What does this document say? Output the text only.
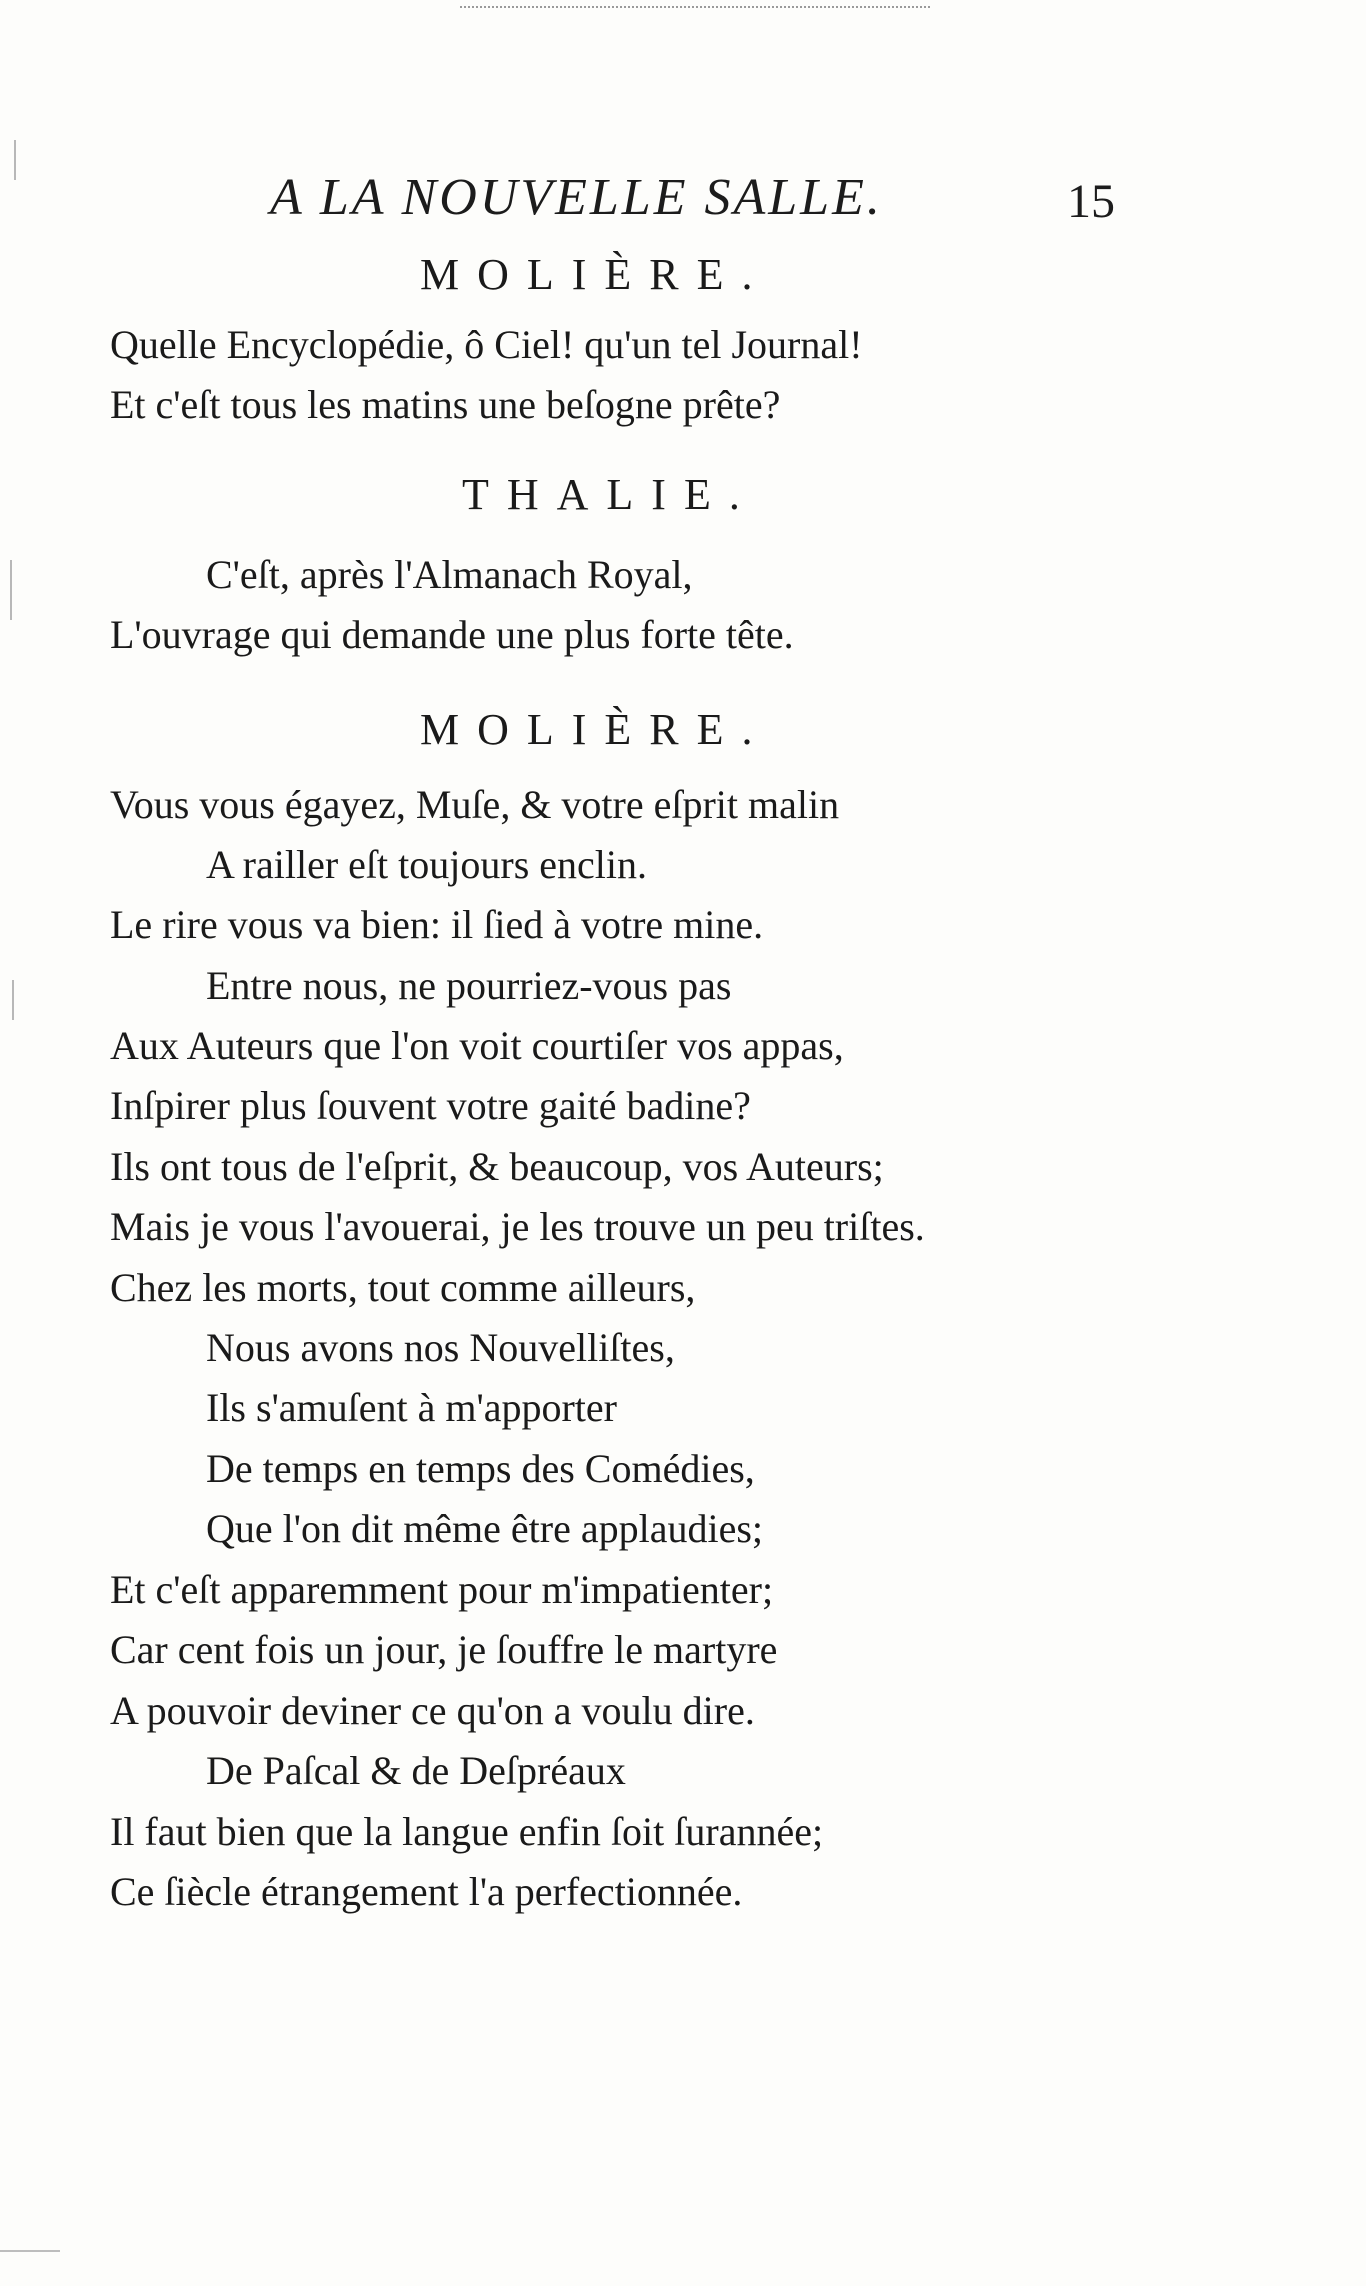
A LA NOUVELLE SALLE.	15
MOLIÈRE.
Quelle Encyclopédie, ô Ciel! qu'un tel Journal!
Et c'eſt tous les matins une beſogne prête?
THALIE.
C'eſt, après l'Almanach Royal,
L'ouvrage qui demande une plus forte tête.
MOLIÈRE.
Vous vous égayez, Muſe, & votre eſprit malin
A railler eſt toujours enclin.
Le rire vous va bien: il ſied à votre mine.
Entre nous, ne pourriez-vous pas
Aux Auteurs que l'on voit courtiſer vos appas,
Inſpirer plus ſouvent votre gaité badine?
Ils ont tous de l'eſprit, & beaucoup, vos Auteurs;
Mais je vous l'avouerai, je les trouve un peu triſtes.
Chez les morts, tout comme ailleurs,
Nous avons nos Nouvelliſtes,
Ils s'amuſent à m'apporter
De temps en temps des Comédies,
Que l'on dit même être applaudies;
Et c'eſt apparemment pour m'impatienter;
Car cent fois un jour, je ſouffre le martyre
A pouvoir deviner ce qu'on a voulu dire.
De Paſcal & de Deſpréaux
Il faut bien que la langue enfin ſoit ſurannée;
Ce ſiècle étrangement l'a perfectionnée.
